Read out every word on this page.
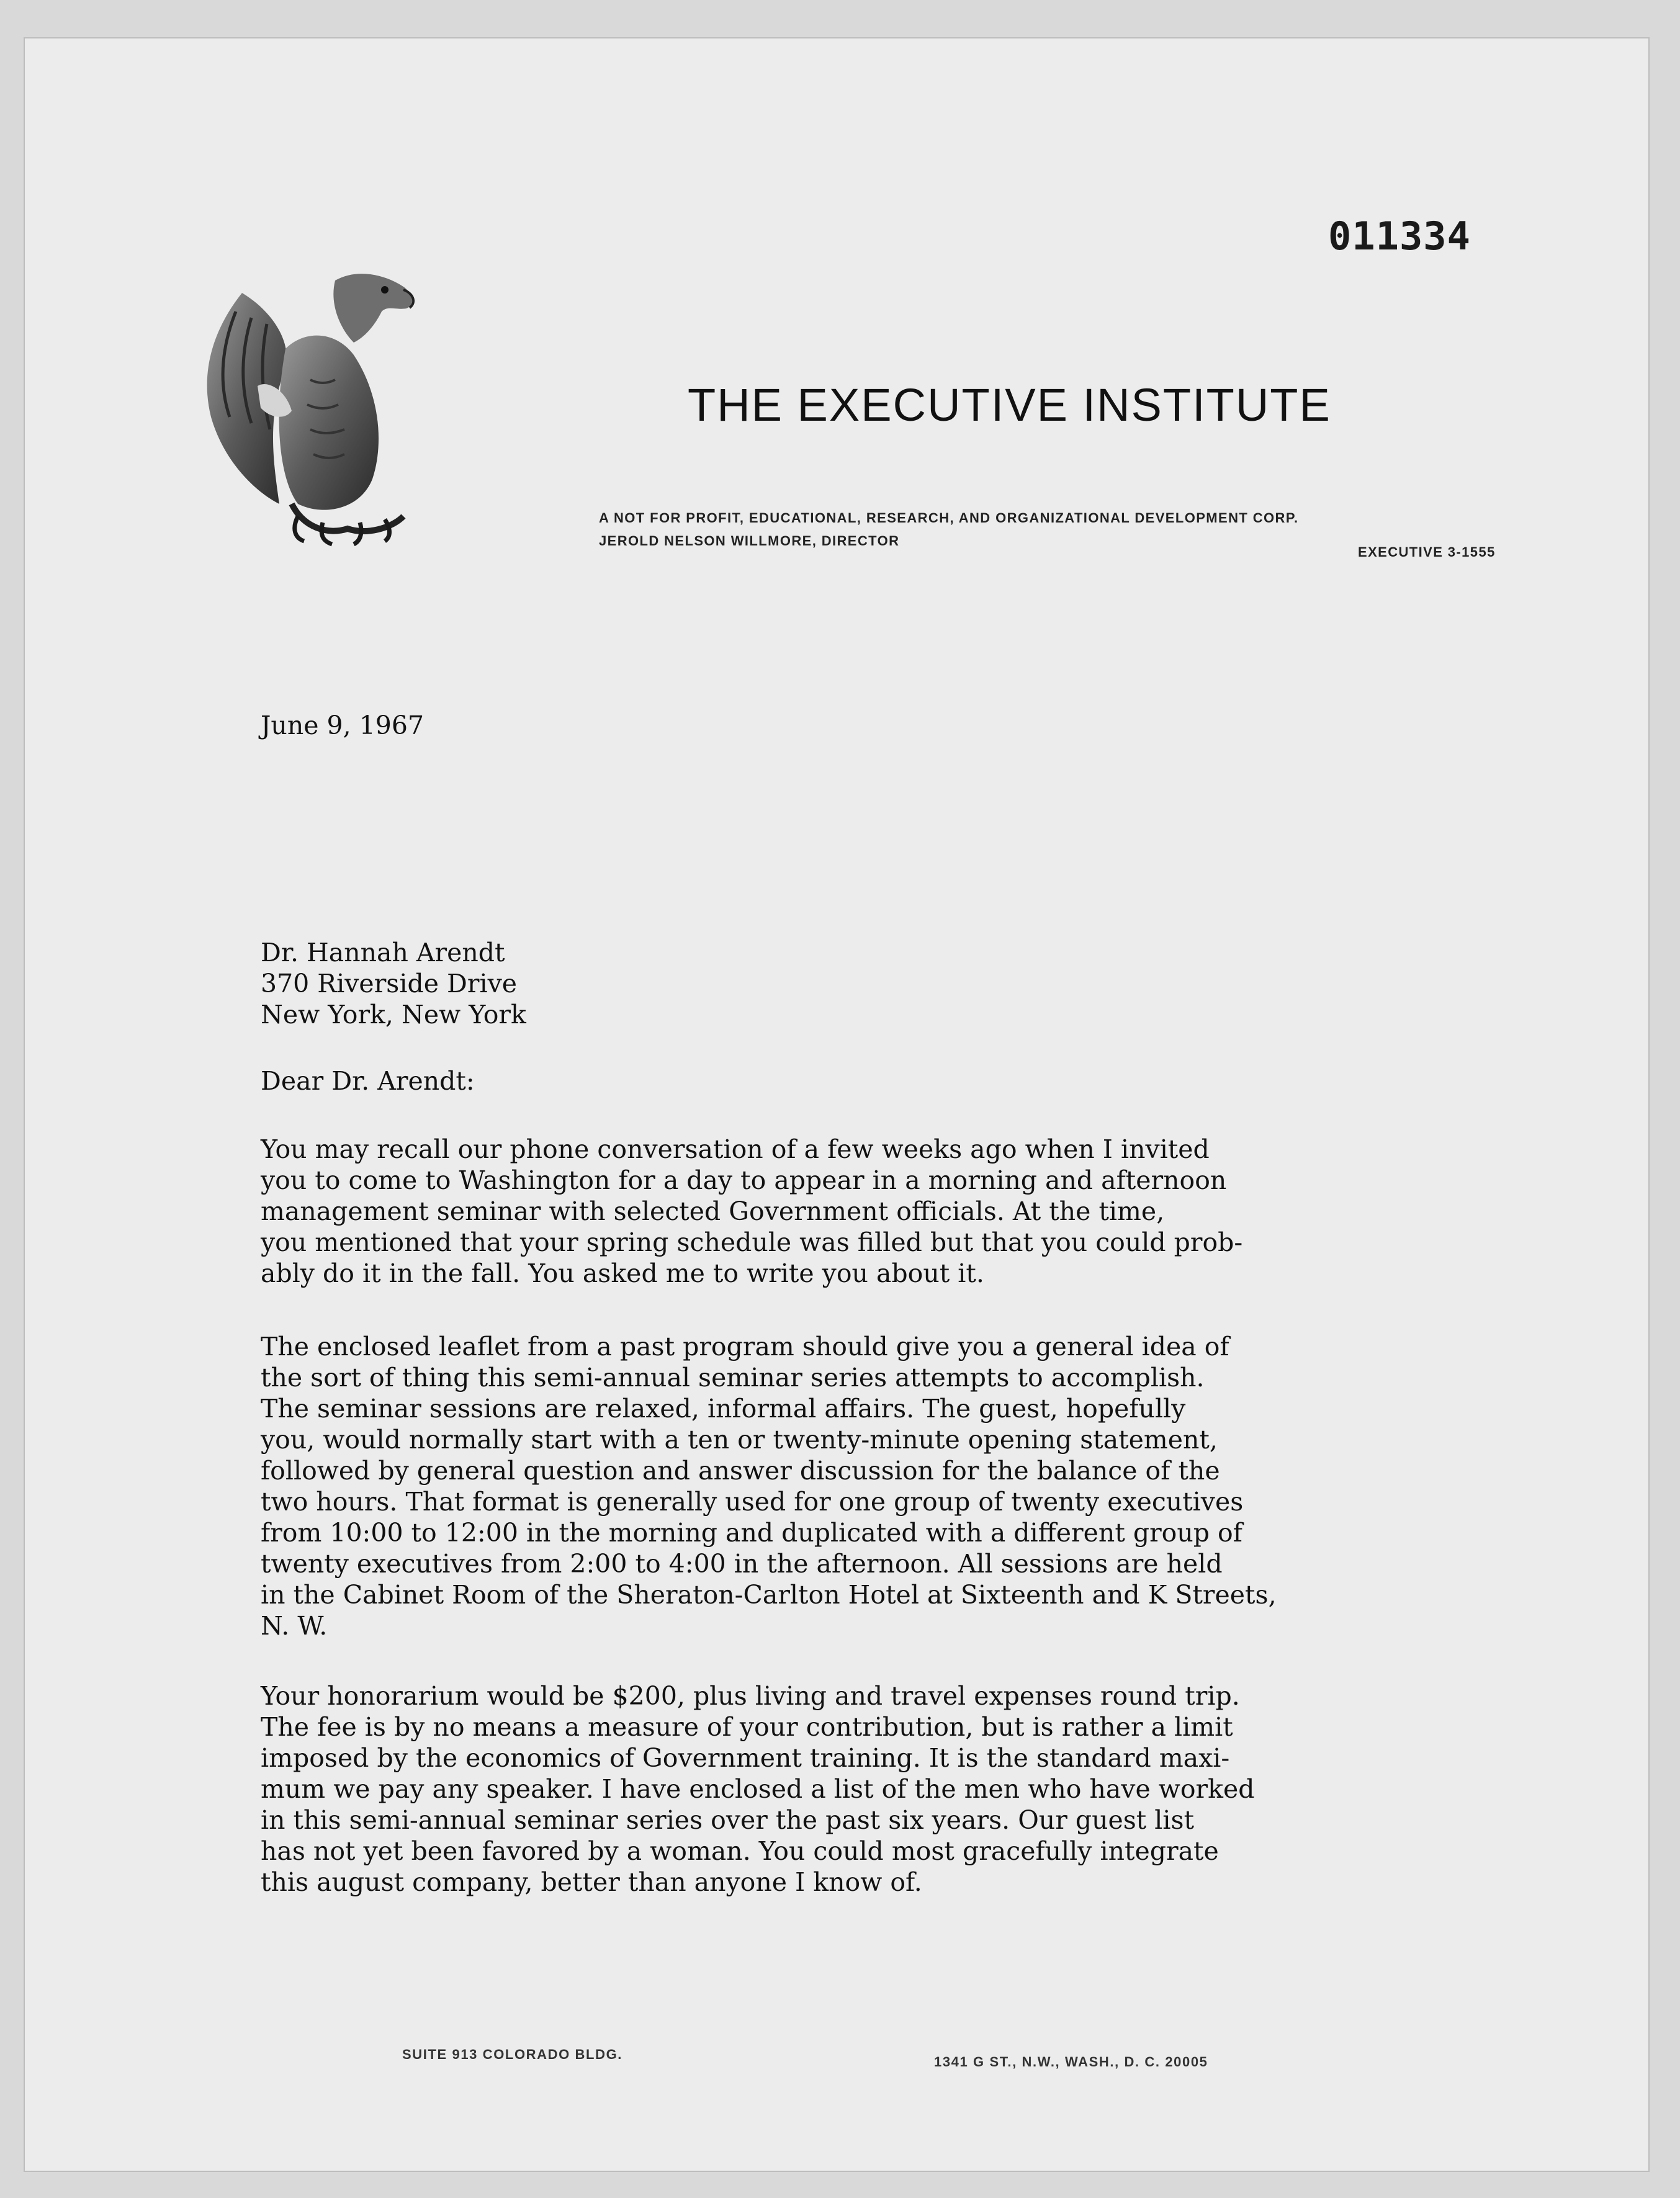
011334
THE EXECUTIVE INSTITUTE
A NOT FOR PROFIT, EDUCATIONAL, RESEARCH, AND ORGANIZATIONAL DEVELOPMENT CORP.
JEROLD NELSON WILLMORE, DIRECTOR
EXECUTIVE 3-1555
June 9, 1967
Dr. Hannah Arendt
370 Riverside Drive
New York, New York
Dear Dr. Arendt:
You may recall our phone conversation of a few weeks ago when I invited
you to come to Washington for a day to appear in a morning and afternoon
management seminar with selected Government officials. At the time,
you mentioned that your spring schedule was filled but that you could prob-
ably do it in the fall. You asked me to write you about it.
The enclosed leaflet from a past program should give you a general idea of
the sort of thing this semi-annual seminar series attempts to accomplish.
The seminar sessions are relaxed, informal affairs. The guest, hopefully
you, would normally start with a ten or twenty-minute opening statement,
followed by general question and answer discussion for the balance of the
two hours. That format is generally used for one group of twenty executives
from 10:00 to 12:00 in the morning and duplicated with a different group of
twenty executives from 2:00 to 4:00 in the afternoon. All sessions are held
in the Cabinet Room of the Sheraton-Carlton Hotel at Sixteenth and K Streets,
N. W.
Your honorarium would be $200, plus living and travel expenses round trip.
The fee is by no means a measure of your contribution, but is rather a limit
imposed by the economics of Government training. It is the standard maxi-
mum we pay any speaker. I have enclosed a list of the men who have worked
in this semi-annual seminar series over the past six years. Our guest list
has not yet been favored by a woman. You could most gracefully integrate
this august company, better than anyone I know of.
SUITE 913 COLORADO BLDG.	1341 G ST., N.W., WASH., D. C. 20005
